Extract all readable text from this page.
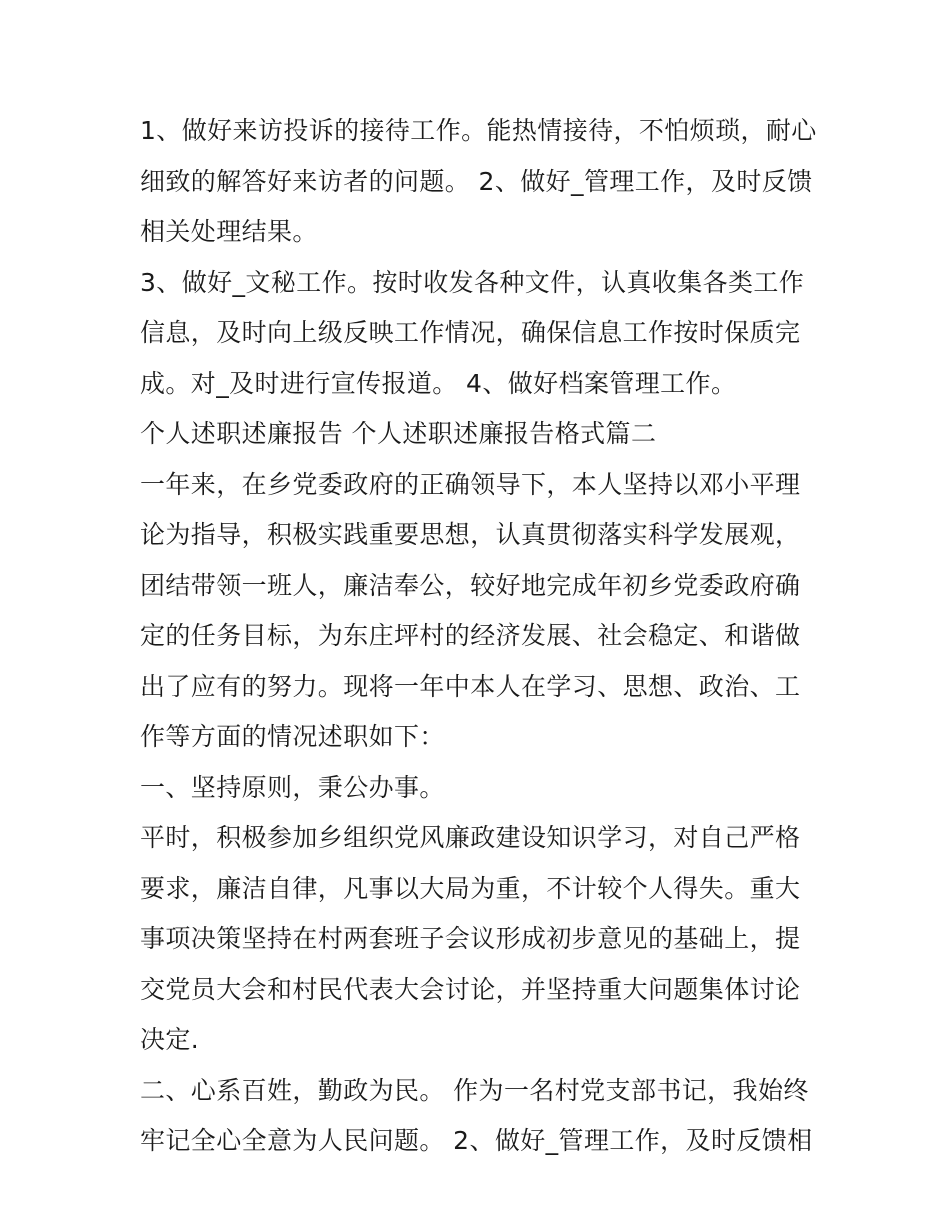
1、做好来访投诉的接待工作。能热情接待，不怕烦琐，耐心细致的解答好来访者的问题。 2、做好_管理工作，及时反馈相关处理结果。

3、做好_文秘工作。按时收发各种文件，认真收集各类工作信息，及时向上级反映工作情况，确保信息工作按时保质完成。对_及时进行宣传报道。 4、做好档案管理工作。

个人述职述廉报告 个人述职述廉报告格式篇二

一年来，在乡党委政府的正确领导下，本人坚持以邓小平理论为指导，积极实践重要思想，认真贯彻落实科学发展观，团结带领一班人，廉洁奉公，较好地完成年初乡党委政府确定的任务目标，为东庄坪村的经济发展、社会稳定、和谐做出了应有的努力。现将一年中本人在学习、思想、政治、工作等方面的情况述职如下：

一、坚持原则，秉公办事。

平时，积极参加乡组织党风廉政建设知识学习，对自己严格要求，廉洁自律，凡事以大局为重，不计较个人得失。重大事项决策坚持在村两套班子会议形成初步意见的基础上，提交党员大会和村民代表大会讨论，并坚持重大问题集体讨论决定.

二、心系百姓，勤政为民。 作为一名村党支部书记，我始终牢记全心全意为人民问题。 2、做好_管理工作，及时反馈相
